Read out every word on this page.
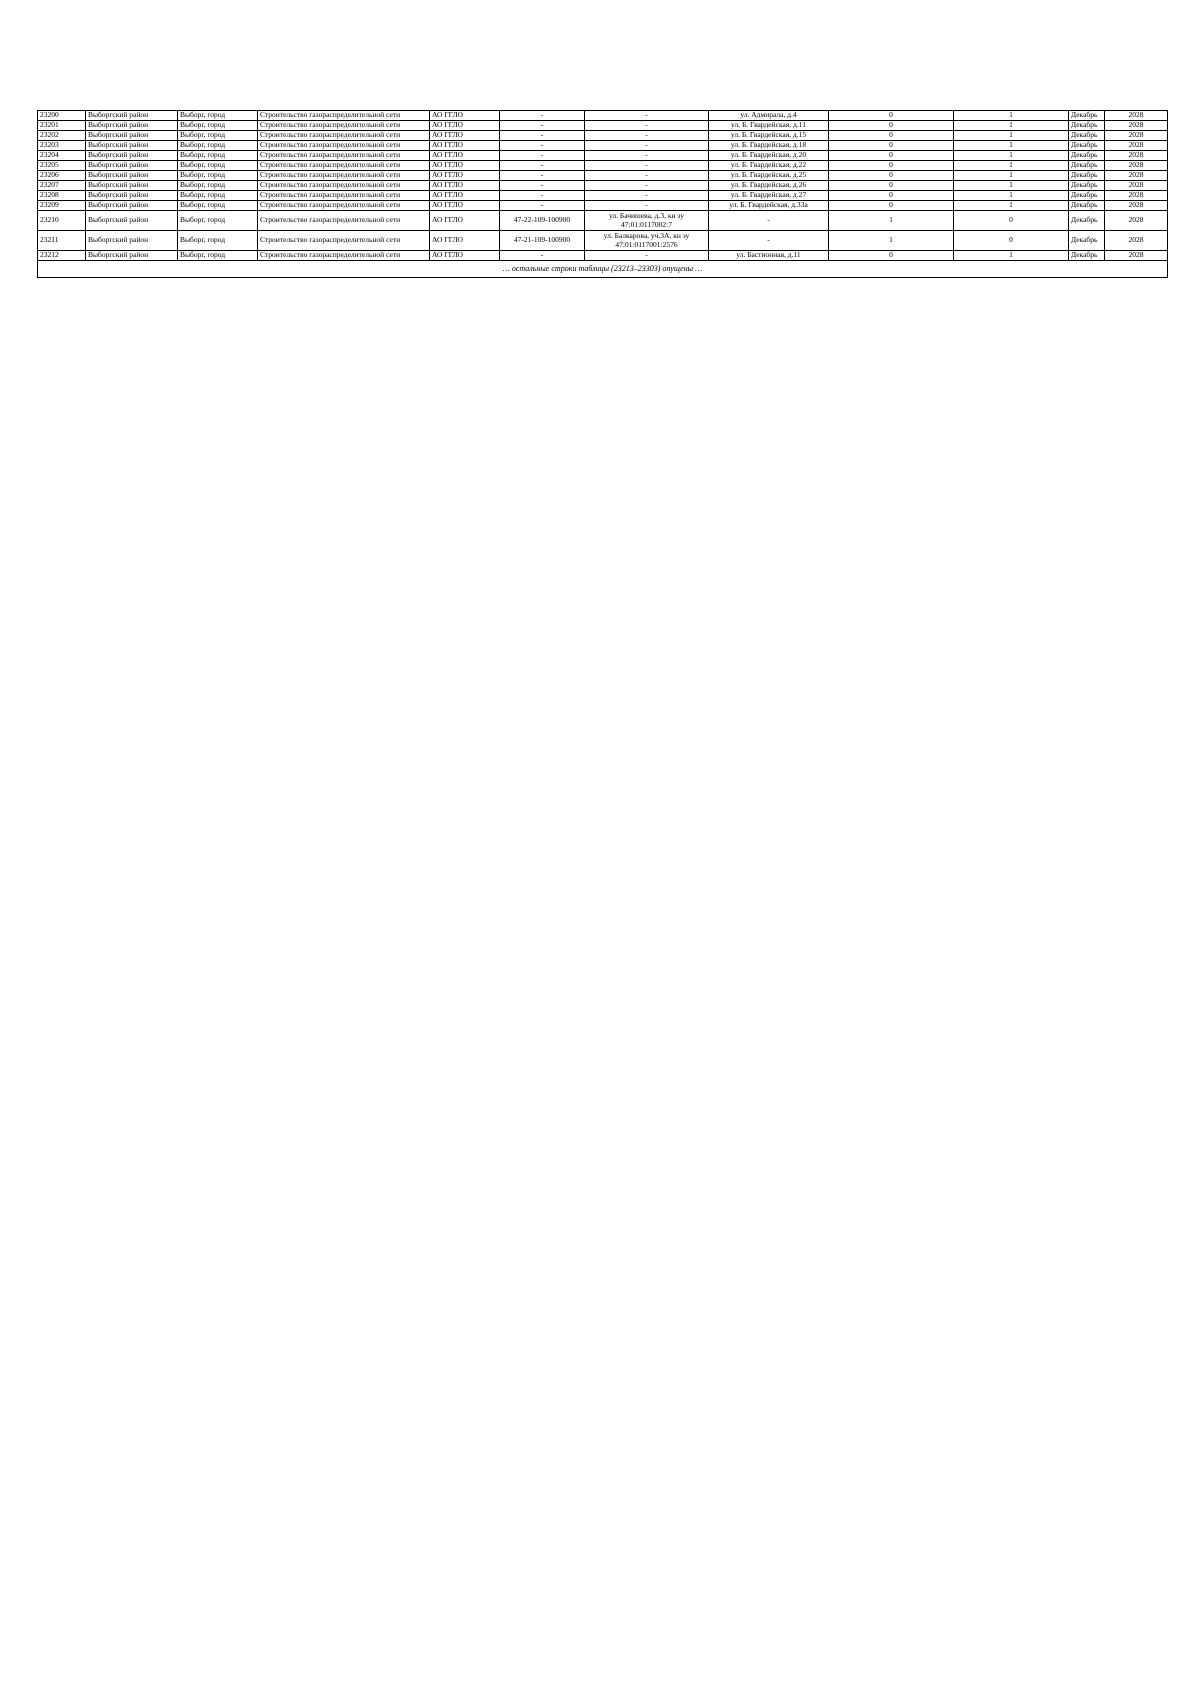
23200	Выборгский район	Выборг, город	Строительство газораспределительной сети	АО ГГЛО	-	-	ул. Адмирала, д.4	0	1	Декабрь	2028
23201	Выборгский район	Выборг, город	Строительство газораспределительной сети	АО ГГЛО	-	-	ул. Б. Гвардейская, д.11	0	1	Декабрь	2028
23202	Выборгский район	Выборг, город	Строительство газораспределительной сети	АО ГГЛО	-	-	ул. Б. Гвардейская, д.15	0	1	Декабрь	2028
23203	Выборгский район	Выборг, город	Строительство газораспределительной сети	АО ГГЛО	-	-	ул. Б. Гвардейская, д.18	0	1	Декабрь	2028
23204	Выборгский район	Выборг, город	Строительство газораспределительной сети	АО ГГЛО	-	-	ул. Б. Гвардейская, д.20	0	1	Декабрь	2028
23205	Выборгский район	Выборг, город	Строительство газораспределительной сети	АО ГГЛО	-	-	ул. Б. Гвардейская, д.22	0	1	Декабрь	2028
23206	Выборгский район	Выборг, город	Строительство газораспределительной сети	АО ГГЛО	-	-	ул. Б. Гвардейская, д.25	0	1	Декабрь	2028
23207	Выборгский район	Выборг, город	Строительство газораспределительной сети	АО ГГЛО	-	-	ул. Б. Гвардейская, д.26	0	1	Декабрь	2028
23208	Выборгский район	Выборг, город	Строительство газораспределительной сети	АО ГГЛО	-	-	ул. Б. Гвардейская, д.27	0	1	Декабрь	2028
23209	Выборгский район	Выборг, город	Строительство газораспределительной сети	АО ГГЛО	-	-	ул. Б. Гвардейская, д.33а	0	1	Декабрь	2028
23210	Выборгский район	Выборг, город	Строительство газораспределительной сети	АО ГГЛО	47-22-109-100900	ул. Бачишева, д.3, кн зу 47:01:0117002:7	-	1	0	Декабрь	2028
23211	Выборгский район	Выборг, город	Строительство газораспределительной сети	АО ГГЛО	47-21-109-100900	ул. Балкарова, уч.3А, кн зу 47:01:0117001:2576	-	1	0	Декабрь	2028
23212	Выборгский район	Выборг, город	Строительство газораспределительной сети	АО ГГЛО	-	-	ул. Бастионная, д.11	0	1	Декабрь	2028
… остальные строки таблицы (23213–23303) опущены …											
